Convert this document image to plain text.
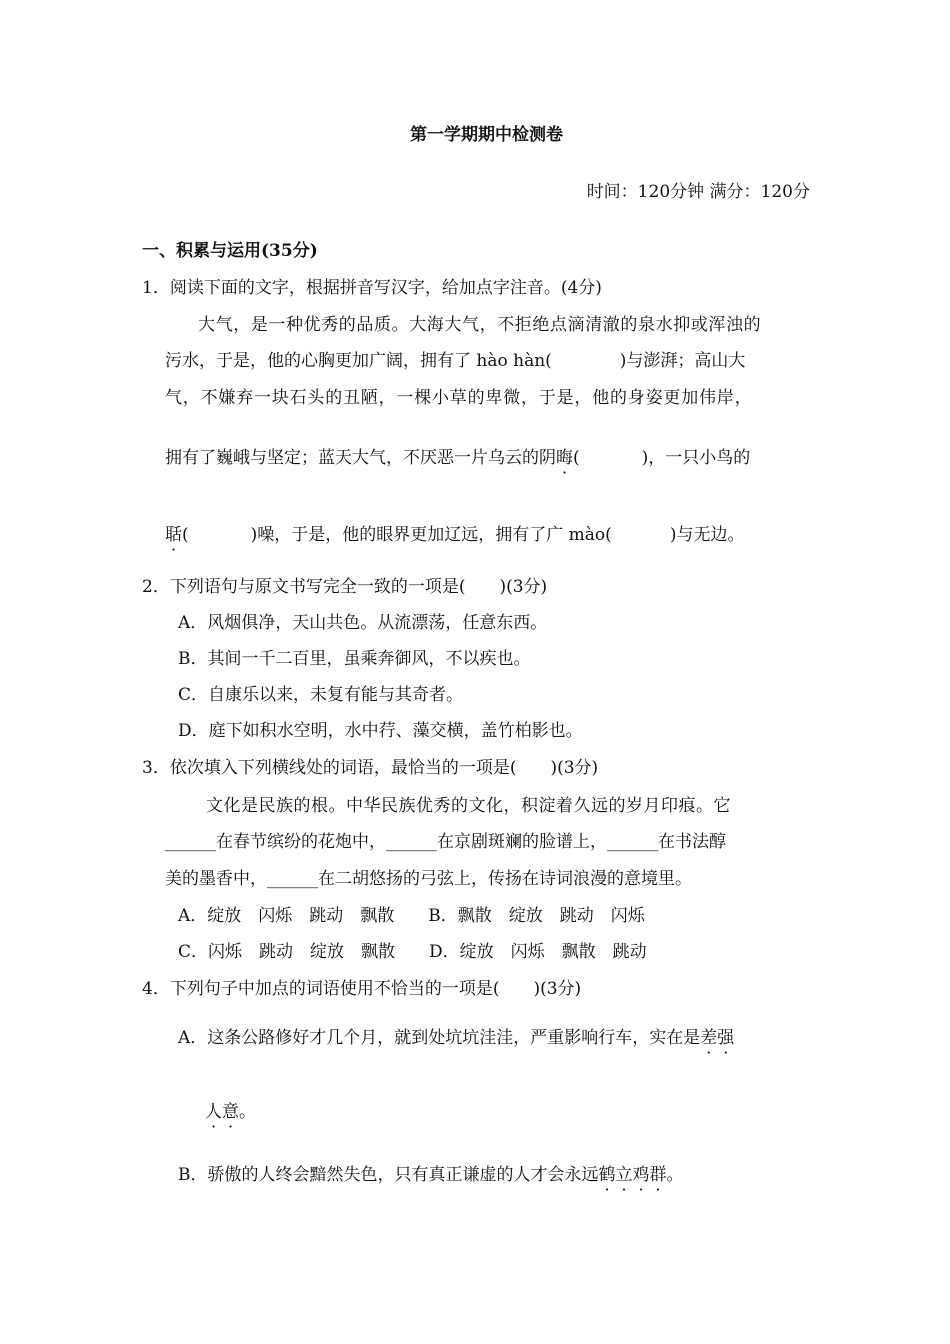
第一学期期中检测卷
时间：120分钟 满分：120分
一、积累与运用(35分)
1．阅读下面的文字，根据拼音写汉字，给加点字注音。(4分)
大气，是一种优秀的品质。大海大气，不拒绝点滴清澈的泉水抑或浑浊的
污水，于是，他的心胸更加广阔，拥有了 hào hàn(	)与澎湃；高山大
气，不嫌弃一块石头的丑陋，一棵小草的卑微，于是，他的身姿更加伟岸，
拥有了巍峨与坚定；蓝天大气，不厌恶一片乌云的阴晦(	)，一只小鸟的
聒(	)噪，于是，他的眼界更加辽远，拥有了广 mào(	)与无边。
2．下列语句与原文书写完全一致的一项是(　　)(3分)
A．风烟俱净，天山共色。从流漂荡，任意东西。
B．其间一千二百里，虽乘奔御风，不以疾也。
C．自康乐以来，未复有能与其奇者。
D．庭下如积水空明，水中荇、藻交横，盖竹柏影也。
3．依次填入下列横线处的词语，最恰当的一项是(　　)(3分)
文化是民族的根。中华民族优秀的文化，积淀着久远的岁月印痕。它
______在春节缤纷的花炮中，______在京剧斑斓的脸谱上，______在书法醇
美的墨香中，______在二胡悠扬的弓弦上，传扬在诗词浪漫的意境里。
A．绽放　闪烁　跳动　飘散　　B．飘散　绽放　跳动　闪烁
C．闪烁　跳动　绽放　飘散　　D．绽放　闪烁　飘散　跳动
4．下列句子中加点的词语使用不恰当的一项是(　　)(3分)
A．这条公路修好才几个月，就到处坑坑洼洼，严重影响行车，实在是差强
人意。
B．骄傲的人终会黯然失色，只有真正谦虚的人才会永远鹤立鸡群。
